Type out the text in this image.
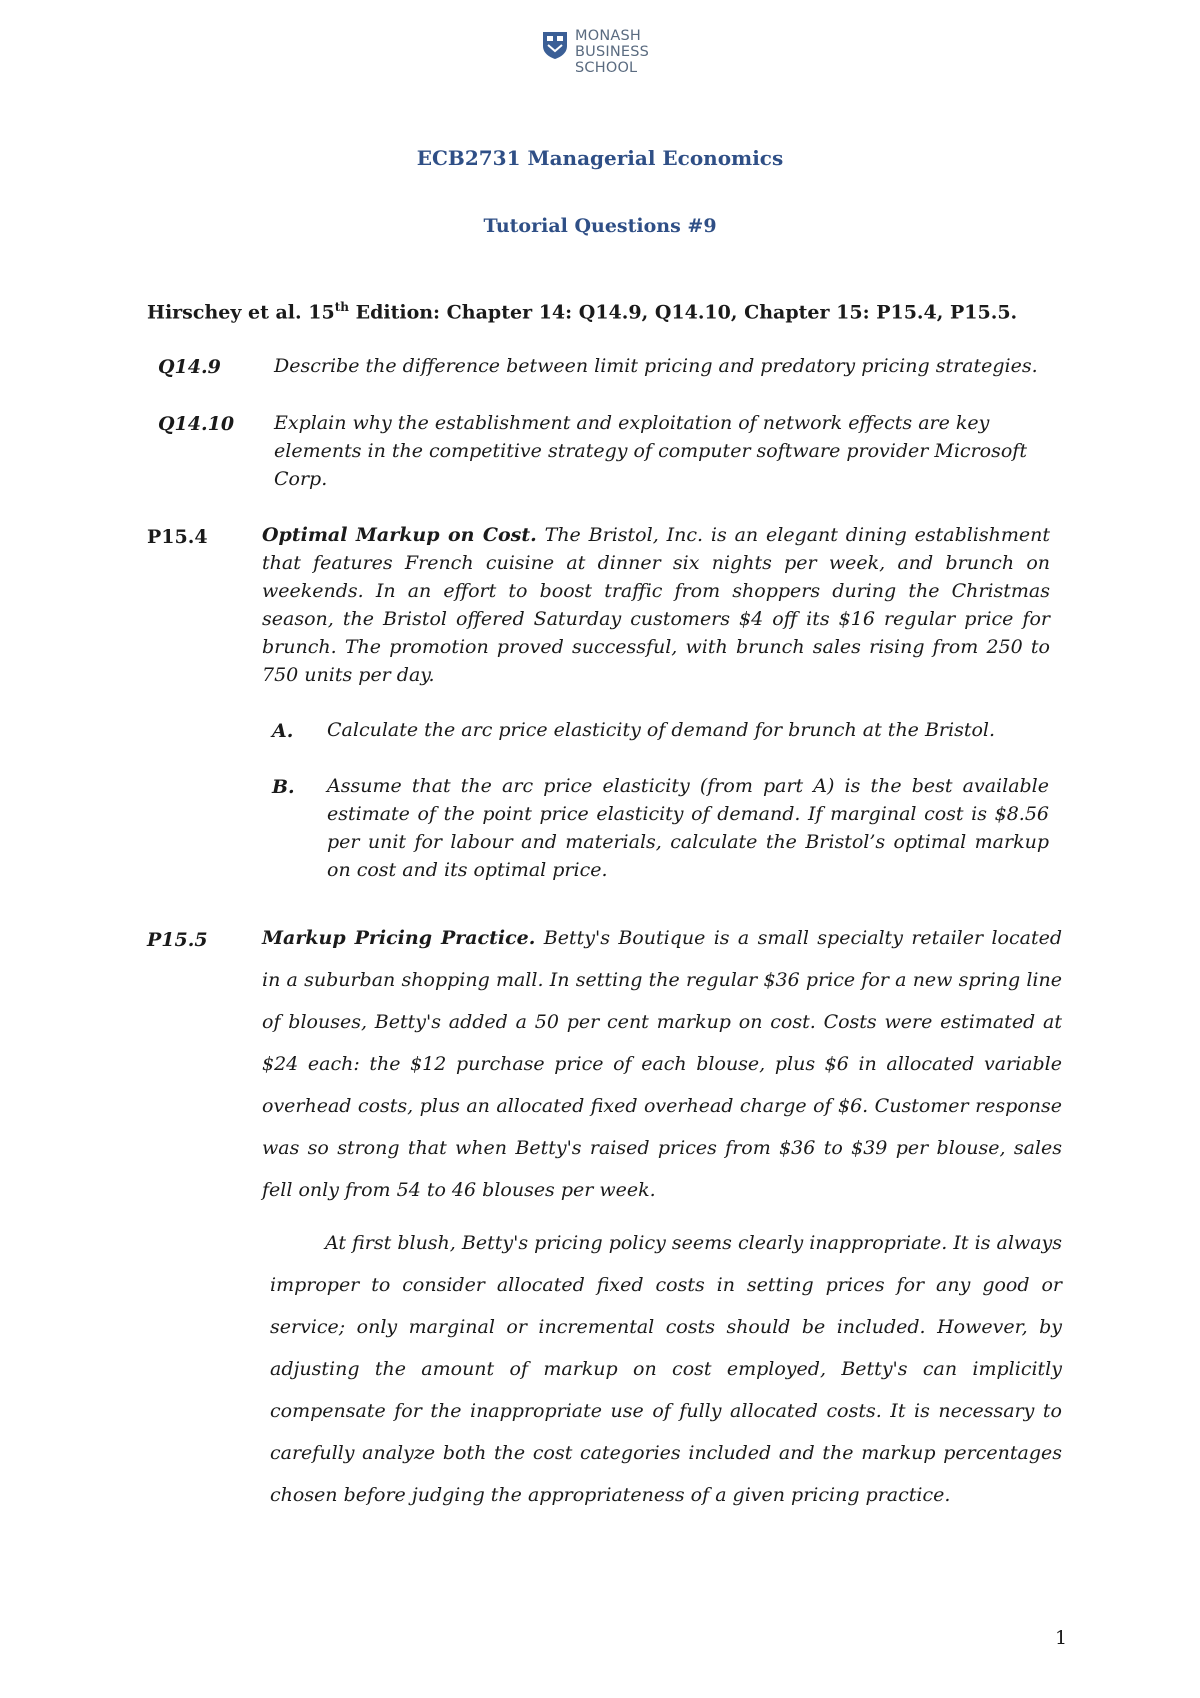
MONASH
BUSINESS
SCHOOL
ECB2731 Managerial Economics
Tutorial Questions #9
Hirschey et al. 15th Edition: Chapter 14: Q14.9, Q14.10, Chapter 15: P15.4, P15.5.
Q14.9	Describe the difference between limit pricing and predatory pricing strategies.
Q14.10 Explain why the establishment and exploitation of network effects are key elements in the competitive strategy of computer software provider Microsoft Corp.
P15.4	Optimal Markup on Cost. The Bristol, Inc. is an elegant dining establishment that features French cuisine at dinner six nights per week, and brunch on weekends. In an effort to boost traffic from shoppers during the Christmas season, the Bristol offered Saturday customers $4 off its $16 regular price for brunch. The promotion proved successful, with brunch sales rising from 250 to 750 units per day.
A. Calculate the arc price elasticity of demand for brunch at the Bristol.
B. Assume that the arc price elasticity (from part A) is the best available estimate of the point price elasticity of demand. If marginal cost is $8.56 per unit for labour and materials, calculate the Bristol’s optimal markup on cost and its optimal price.
P15.5	Markup Pricing Practice. Betty's Boutique is a small specialty retailer located in a suburban shopping mall. In setting the regular $36 price for a new spring line of blouses, Betty's added a 50 per cent markup on cost. Costs were estimated at $24 each: the $12 purchase price of each blouse, plus $6 in allocated variable overhead costs, plus an allocated fixed overhead charge of $6. Customer response was so strong that when Betty's raised prices from $36 to $39 per blouse, sales fell only from 54 to 46 blouses per week.
At first blush, Betty's pricing policy seems clearly inappropriate. It is always improper to consider allocated fixed costs in setting prices for any good or service; only marginal or incremental costs should be included. However, by adjusting the amount of markup on cost employed, Betty's can implicitly compensate for the inappropriate use of fully allocated costs. It is necessary to carefully analyze both the cost categories included and the markup percentages chosen before judging the appropriateness of a given pricing practice.
1
